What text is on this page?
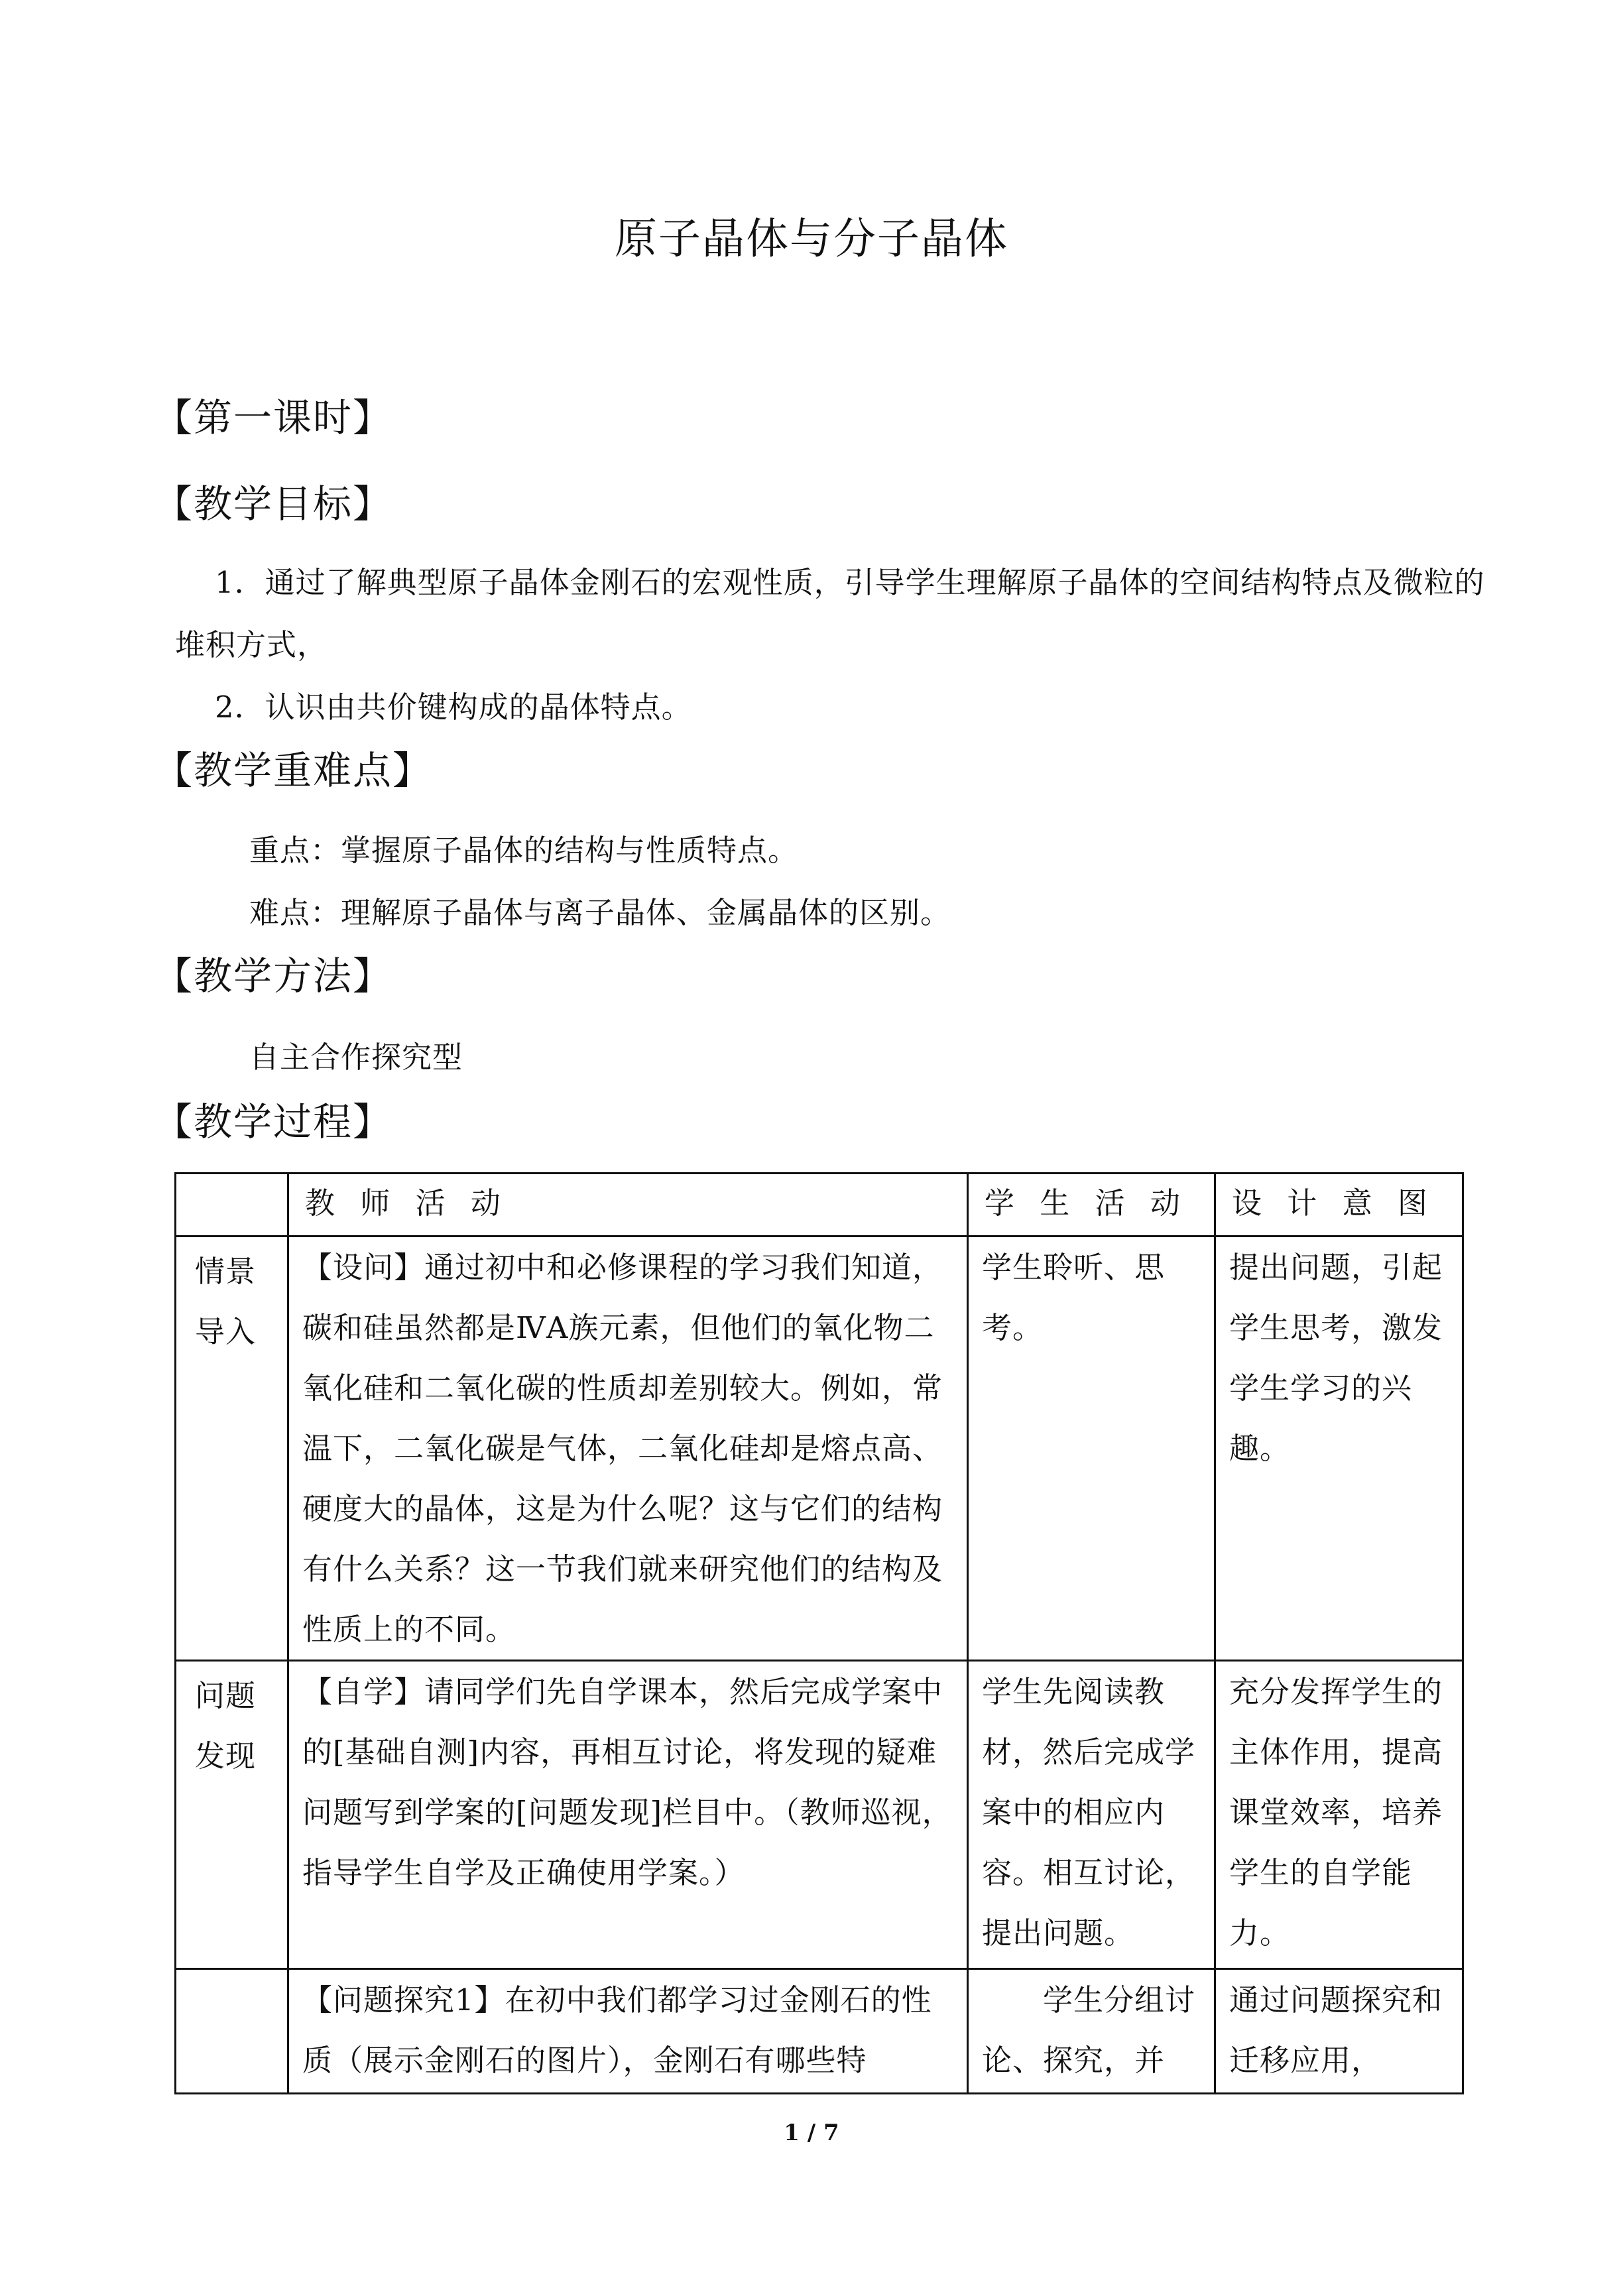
原子晶体与分子晶体
【第一课时】
【教学目标】
1．通过了解典型原子晶体金刚石的宏观性质，引导学生理解原子晶体的空间结构特点及微粒的堆积方式，
2．认识由共价键构成的晶体特点。
【教学重难点】
重点：掌握原子晶体的结构与性质特点。
难点：理解原子晶体与离子晶体、金属晶体的区别。
【教学方法】
自主合作探究型
【教学过程】
	教 师 活 动	学 生 活 动	设 计 意 图
情景导入	【设问】通过初中和必修课程的学习我们知道，碳和硅虽然都是ⅣA族元素，但他们的氧化物二氧化硅和二氧化碳的性质却差别较大。例如，常温下，二氧化碳是气体，二氧化硅却是熔点高、硬度大的晶体，这是为什么呢？这与它们的结构有什么关系？这一节我们就来研究他们的结构及性质上的不同。	学生聆听、思考。	提出问题，引起学生思考，激发学生学习的兴趣。
问题发现	【自学】请同学们先自学课本，然后完成学案中的[基础自测]内容，再相互讨论，将发现的疑难问题写到学案的[问题发现]栏目中。（教师巡视，指导学生自学及正确使用学案。）	学生先阅读教材，然后完成学案中的相应内容。相互讨论，提出问题。	充分发挥学生的主体作用，提高课堂效率，培养学生的自学能力。
	【问题探究1】在初中我们都学习过金刚石的性质（展示金刚石的图片），金刚石有哪些特	学生分组讨论、探究，并	通过问题探究和迁移应用，
1 / 7
